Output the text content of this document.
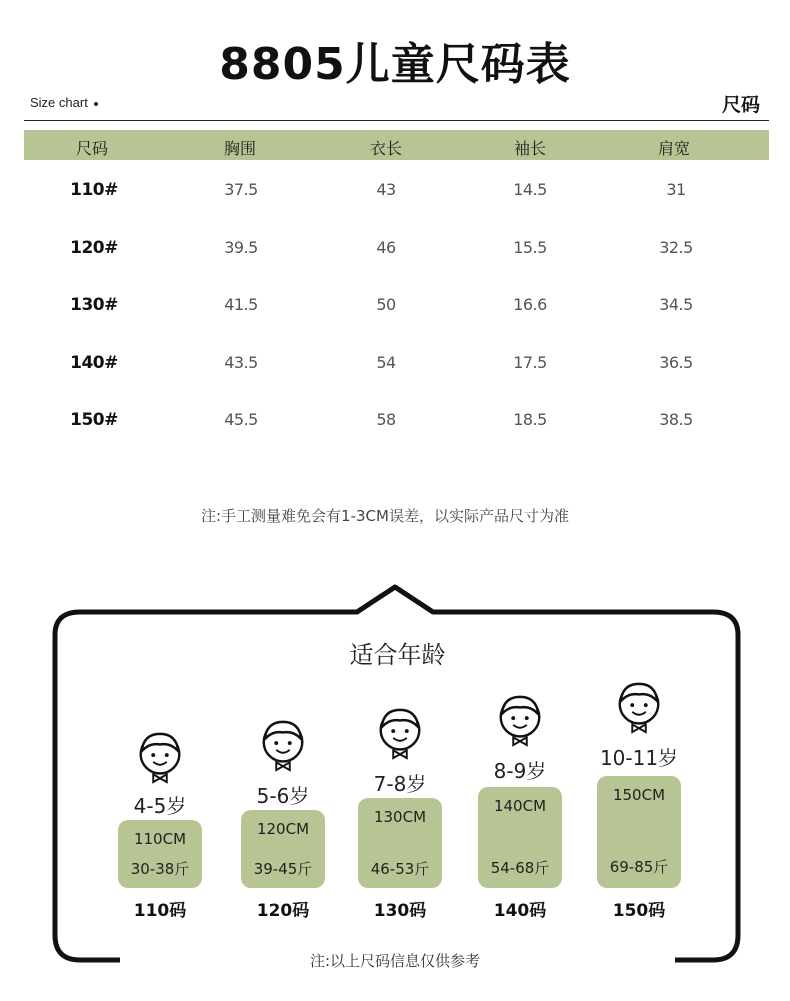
8805儿童尺码表
Size chart	尺码
尺码	胸围	衣长	袖长	肩宽
110#	37.5	43	14.5	31
120#	39.5	46	15.5	32.5
130#	41.5	50	16.6	34.5
140#	43.5	54	17.5	36.5
150#	45.5	58	18.5	38.5
注:手工测量难免会有1-3CM误差，以实际产品尺寸为准
适合年龄
4-5岁
110CM
30-38斤
110码
5-6岁
120CM
39-45斤
120码
7-8岁
130CM
46-53斤
130码
8-9岁
140CM
54-68斤
140码
10-11岁
150CM
69-85斤
150码
注:以上尺码信息仅供参考
